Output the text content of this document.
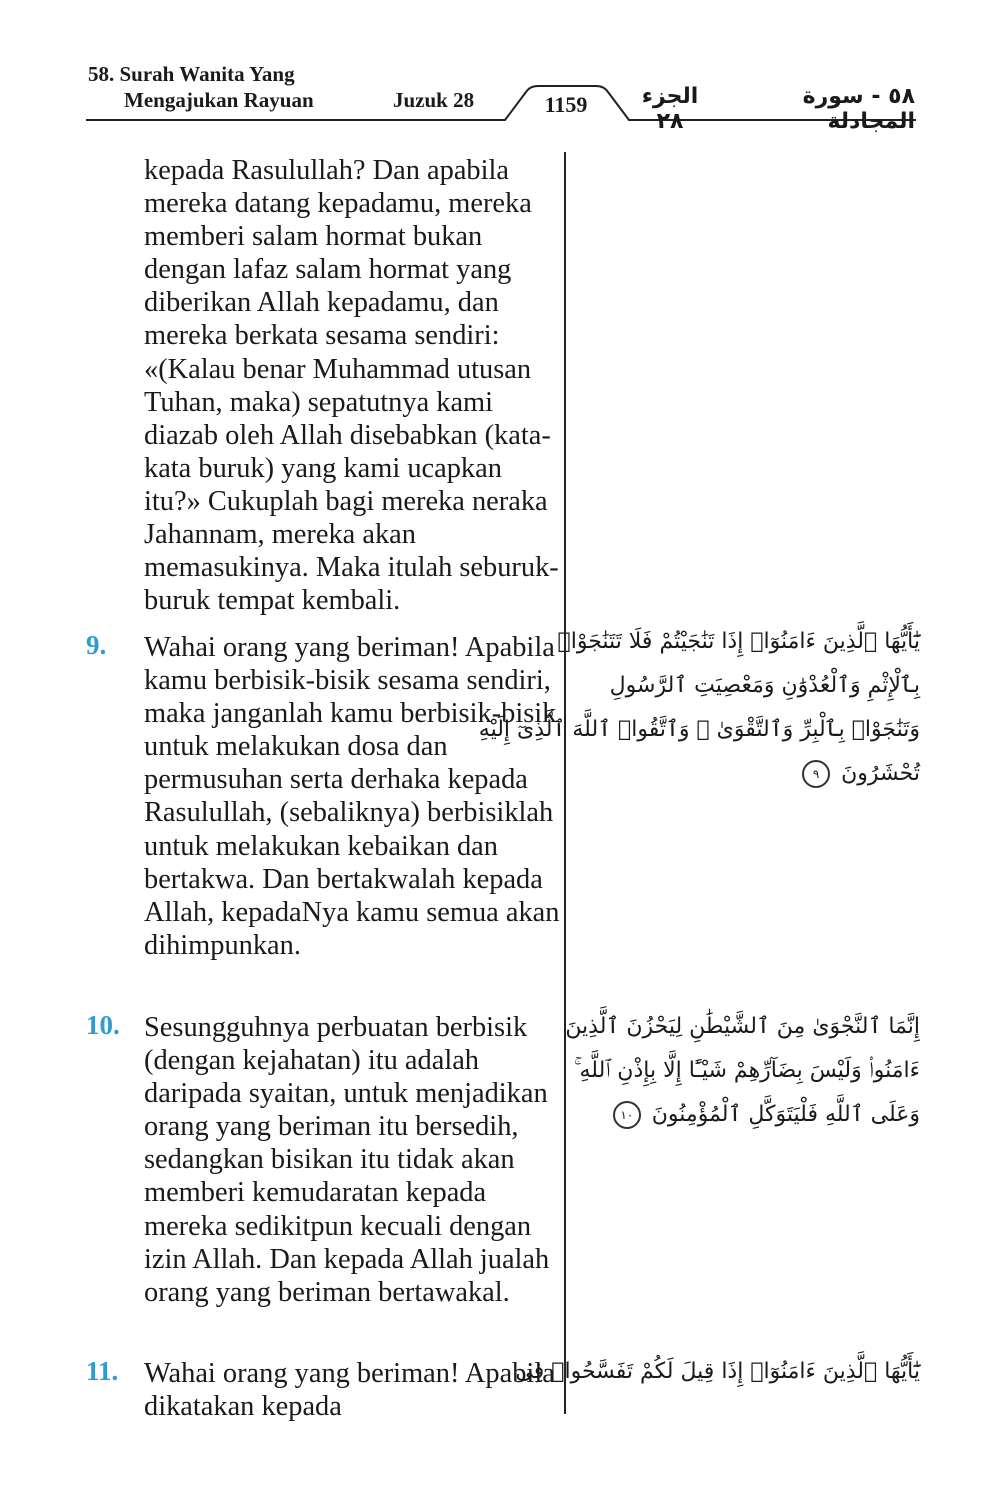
58. Surah Wanita Yang
Mengajukan Rayuan	Juzuk 28	1159	الجزء ٢٨
٥٨ - سورة المجادلة

kepada Rasulullah? Dan apabila mereka datang kepadamu, mereka memberi salam hormat bukan dengan lafaz salam hormat yang diberikan Allah kepadamu, dan mereka berkata sesama sendiri: «(Kalau benar Muhammad utusan Tuhan, maka) sepatutnya kami diazab oleh Allah disebabkan (kata-kata buruk) yang kami ucapkan itu?» Cukuplah bagi mereka neraka Jahannam, mereka akan memasukinya. Maka itulah seburuk-buruk tempat kembali.

9. Wahai orang yang beriman! Apabila kamu berbisik-bisik sesama sendiri, maka janganlah kamu berbisik-bisik untuk melakukan dosa dan permusuhan serta derhaka kepada Rasulullah, (sebaliknya) berbisiklah untuk melakukan kebaikan dan bertakwa. Dan bertakwalah kepada Allah, kepadaNya kamu semua akan dihimpunkan.

يَٰٓأَيُّهَا ٱلَّذِينَ ءَامَنُوٓا۟ إِذَا تَنَٰجَيْتُمْ فَلَا تَتَنَٰجَوْا۟
بِٱلْإِثْمِ وَٱلْعُدْوَٰنِ وَمَعْصِيَتِ ٱلرَّسُولِ
وَتَنَٰجَوْا۟ بِٱلْبِرِّ وَٱلتَّقْوَىٰ ۖ وَٱتَّقُوا۟ ٱللَّهَ ٱلَّذِىٓ إِلَيْهِ
تُحْشَرُونَ ٩
10. Sesungguhnya perbuatan berbisik (dengan kejahatan) itu adalah daripada syaitan, untuk menjadikan orang yang beriman itu bersedih, sedangkan bisikan itu tidak akan memberi kemudaratan kepada mereka sedikitpun kecuali dengan izin Allah. Dan kepada Allah jualah orang yang beriman bertawakal.

إِنَّمَا ٱلنَّجْوَىٰ مِنَ ٱلشَّيْطَٰنِ لِيَحْزُنَ ٱلَّذِينَ
ءَامَنُوا۟ وَلَيْسَ بِضَآرِّهِمْ شَيْـًٔا إِلَّا بِإِذْنِ ٱللَّهِ ۚ
وَعَلَى ٱللَّهِ فَلْيَتَوَكَّلِ ٱلْمُؤْمِنُونَ ١٠
11. Wahai orang yang beriman! Apabila dikatakan kepada

يَٰٓأَيُّهَا ٱلَّذِينَ ءَامَنُوٓا۟ إِذَا قِيلَ لَكُمْ تَفَسَّحُوا۟ فِى
